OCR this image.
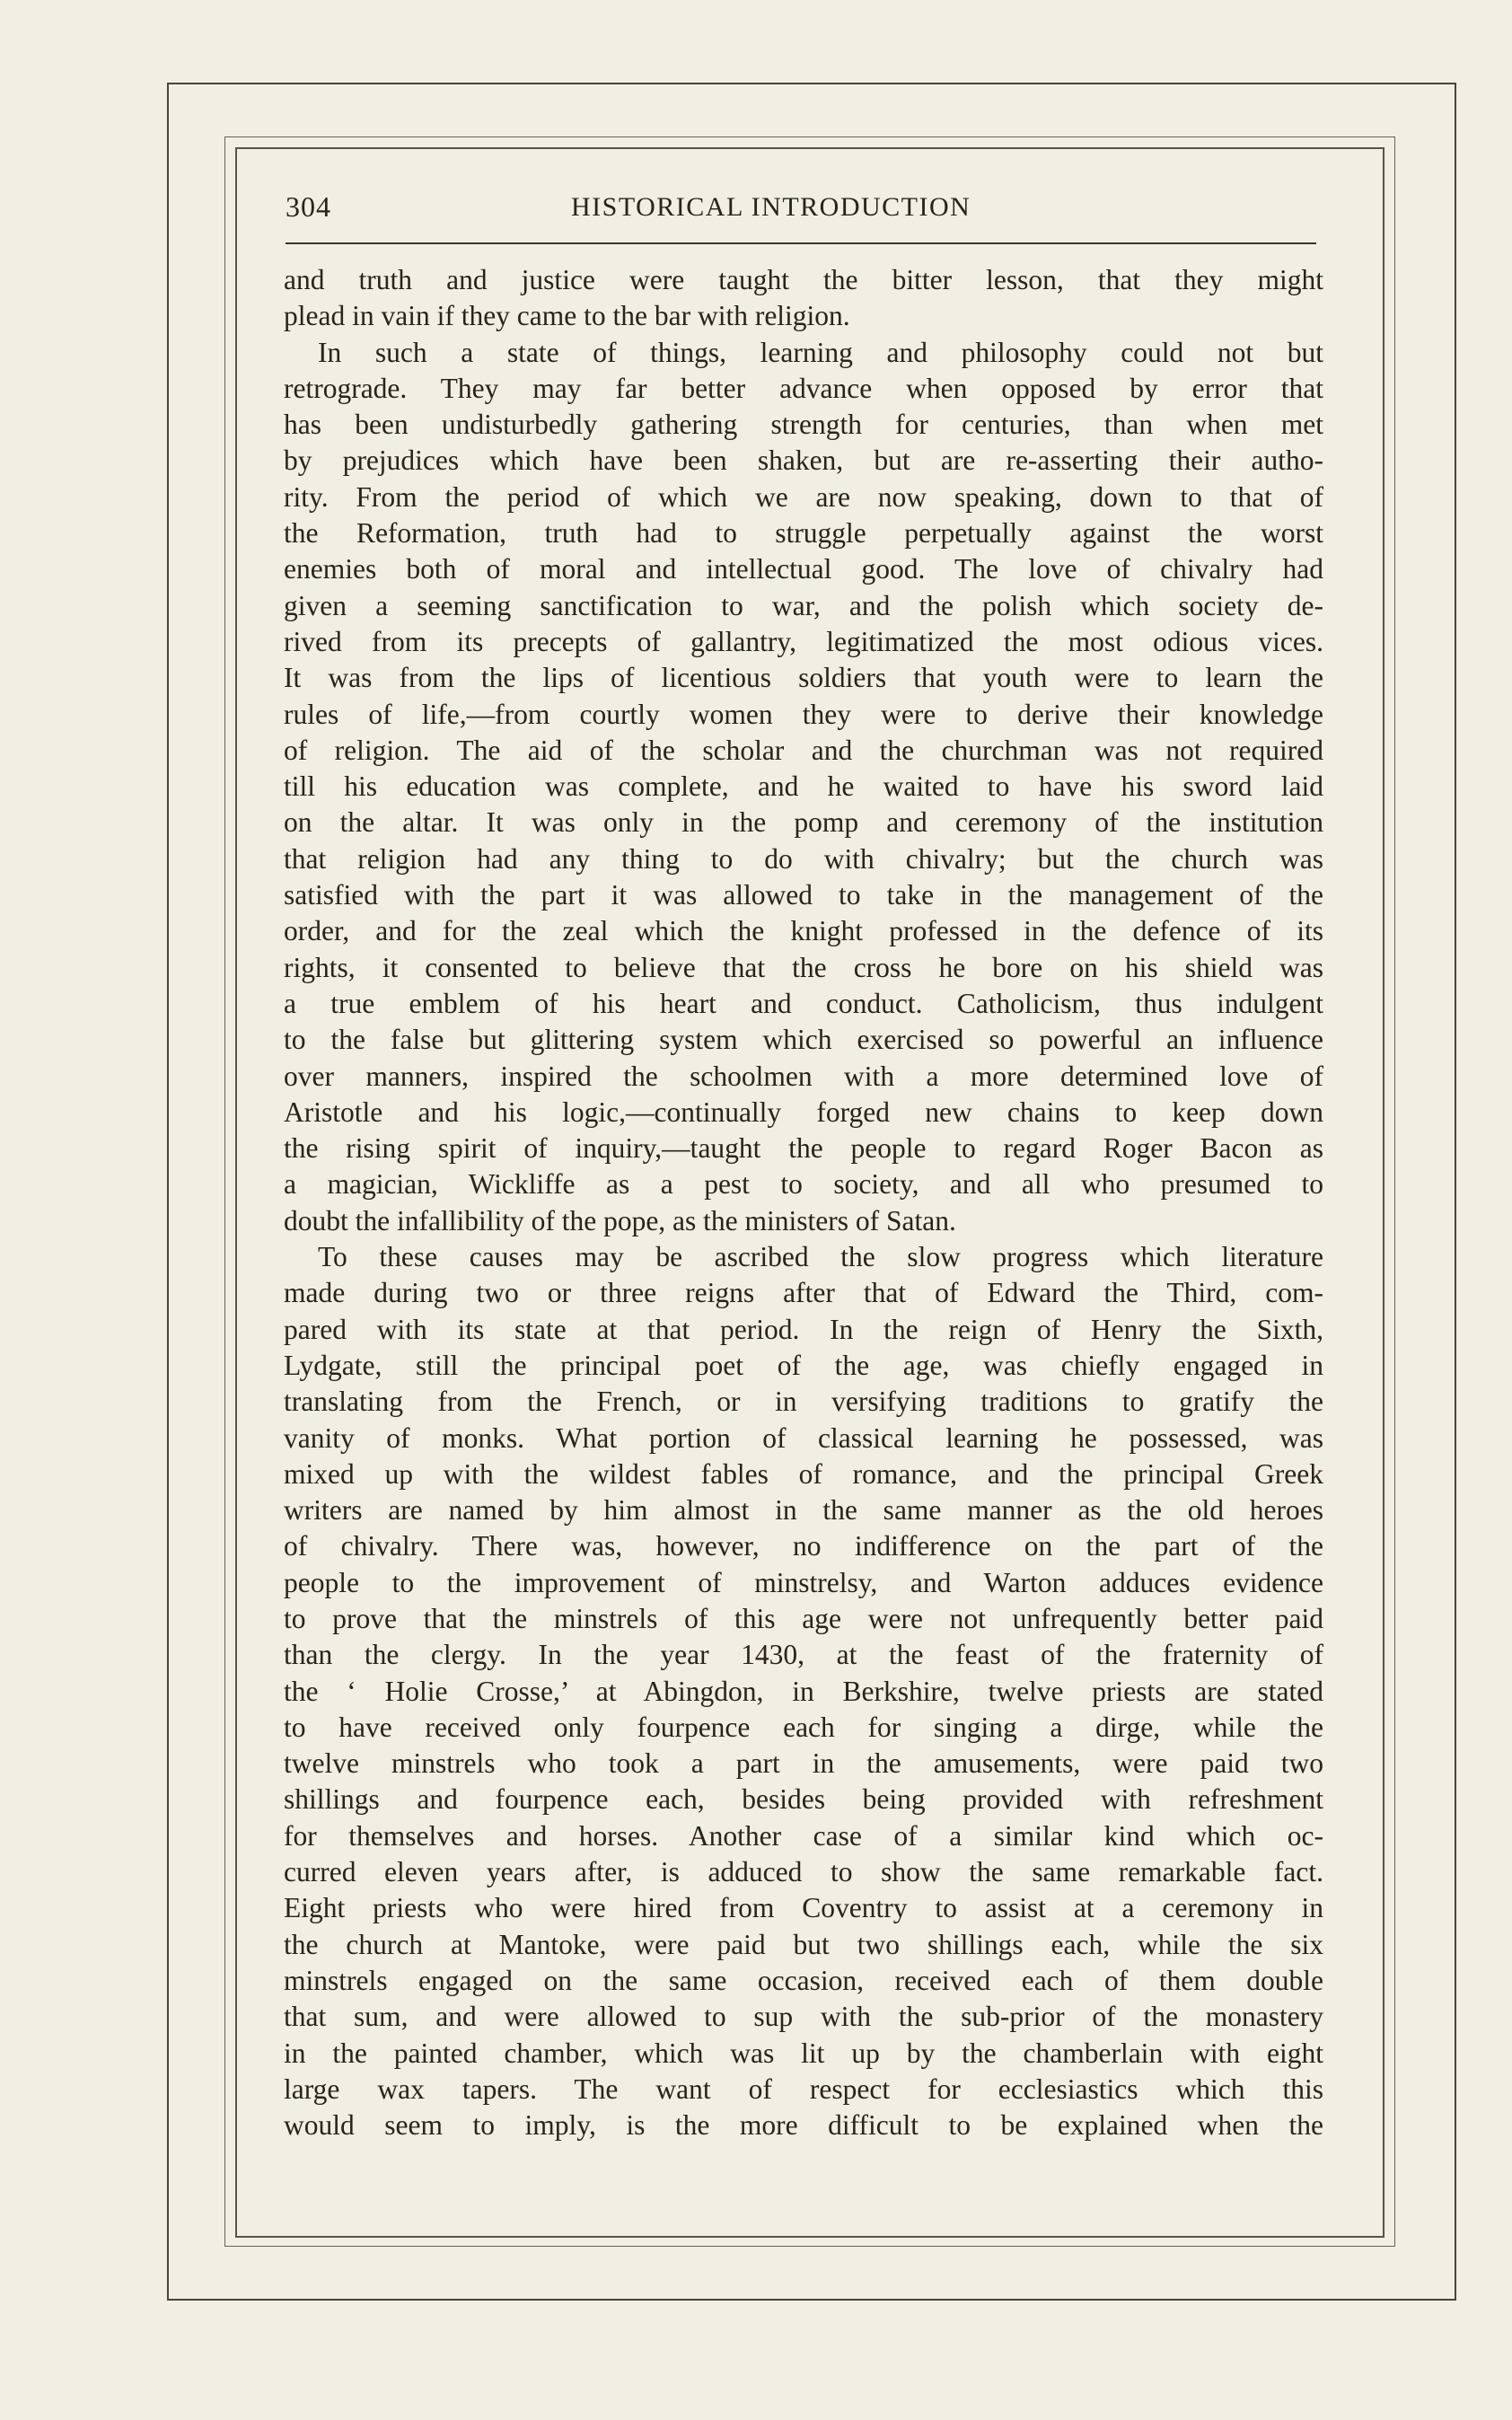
304	HISTORICAL INTRODUCTION
and truth and justice were taught the bitter lesson, that they might
plead in vain if they came to the bar with religion.
In such a state of things, learning and philosophy could not but
retrograde. They may far better advance when opposed by error that
has been undisturbedly gathering strength for centuries, than when met
by prejudices which have been shaken, but are re-asserting their autho-
rity. From the period of which we are now speaking, down to that of
the Reformation, truth had to struggle perpetually against the worst
enemies both of moral and intellectual good. The love of chivalry had
given a seeming sanctification to war, and the polish which society de-
rived from its precepts of gallantry, legitimatized the most odious vices.
It was from the lips of licentious soldiers that youth were to learn the
rules of life,—from courtly women they were to derive their knowledge
of religion. The aid of the scholar and the churchman was not required
till his education was complete, and he waited to have his sword laid
on the altar. It was only in the pomp and ceremony of the institution
that religion had any thing to do with chivalry; but the church was
satisfied with the part it was allowed to take in the management of the
order, and for the zeal which the knight professed in the defence of its
rights, it consented to believe that the cross he bore on his shield was
a true emblem of his heart and conduct. Catholicism, thus indulgent
to the false but glittering system which exercised so powerful an influence
over manners, inspired the schoolmen with a more determined love of
Aristotle and his logic,—continually forged new chains to keep down
the rising spirit of inquiry,—taught the people to regard Roger Bacon as
a magician, Wickliffe as a pest to society, and all who presumed to
doubt the infallibility of the pope, as the ministers of Satan.
To these causes may be ascribed the slow progress which literature
made during two or three reigns after that of Edward the Third, com-
pared with its state at that period. In the reign of Henry the Sixth,
Lydgate, still the principal poet of the age, was chiefly engaged in
translating from the French, or in versifying traditions to gratify the
vanity of monks. What portion of classical learning he possessed, was
mixed up with the wildest fables of romance, and the principal Greek
writers are named by him almost in the same manner as the old heroes
of chivalry. There was, however, no indifference on the part of the
people to the improvement of minstrelsy, and Warton adduces evidence
to prove that the minstrels of this age were not unfrequently better paid
than the clergy. In the year 1430, at the feast of the fraternity of
the ‘ Holie Crosse,’ at Abingdon, in Berkshire, twelve priests are stated
to have received only fourpence each for singing a dirge, while the
twelve minstrels who took a part in the amusements, were paid two
shillings and fourpence each, besides being provided with refreshment
for themselves and horses. Another case of a similar kind which oc-
curred eleven years after, is adduced to show the same remarkable fact.
Eight priests who were hired from Coventry to assist at a ceremony in
the church at Mantoke, were paid but two shillings each, while the six
minstrels engaged on the same occasion, received each of them double
that sum, and were allowed to sup with the sub-prior of the monastery
in the painted chamber, which was lit up by the chamberlain with eight
large wax tapers. The want of respect for ecclesiastics which this
would seem to imply, is the more difficult to be explained when the
